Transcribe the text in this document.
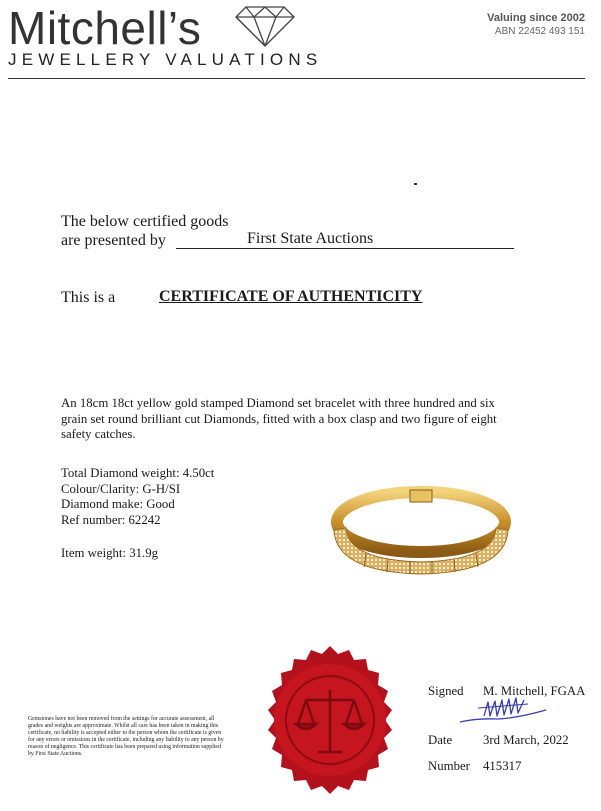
Mitchell’s
JEWELLERY VALUATIONS
Valuing since 2002
ABN 22452 493 151
The below certified goods
are presented by	First State Auctions
This is a	CERTIFICATE OF AUTHENTICITY
An 18cm 18ct yellow gold stamped Diamond set bracelet with three hundred and six grain set round brilliant cut Diamonds, fitted with a box clasp and two figure of eight safety catches.
Total Diamond weight: 4.50ct
Colour/Clarity: G-H/SI
Diamond make: Good
Ref number: 62242
Item weight: 31.9g
Gemstones have not been removed from the settings for accurate assessment, all grades and weights are approximate. Whilst all care has been taken in making this certificate, no liability is accepted either to the person whom the certificate is given for any errors or omissions in the certificate, including any liability to any person by reason of negligence. This certificate has been prepared using information supplied by First State Auctions.
Signed M. Mitchell, FGAA
Date 3rd March, 2022
Number 415317
